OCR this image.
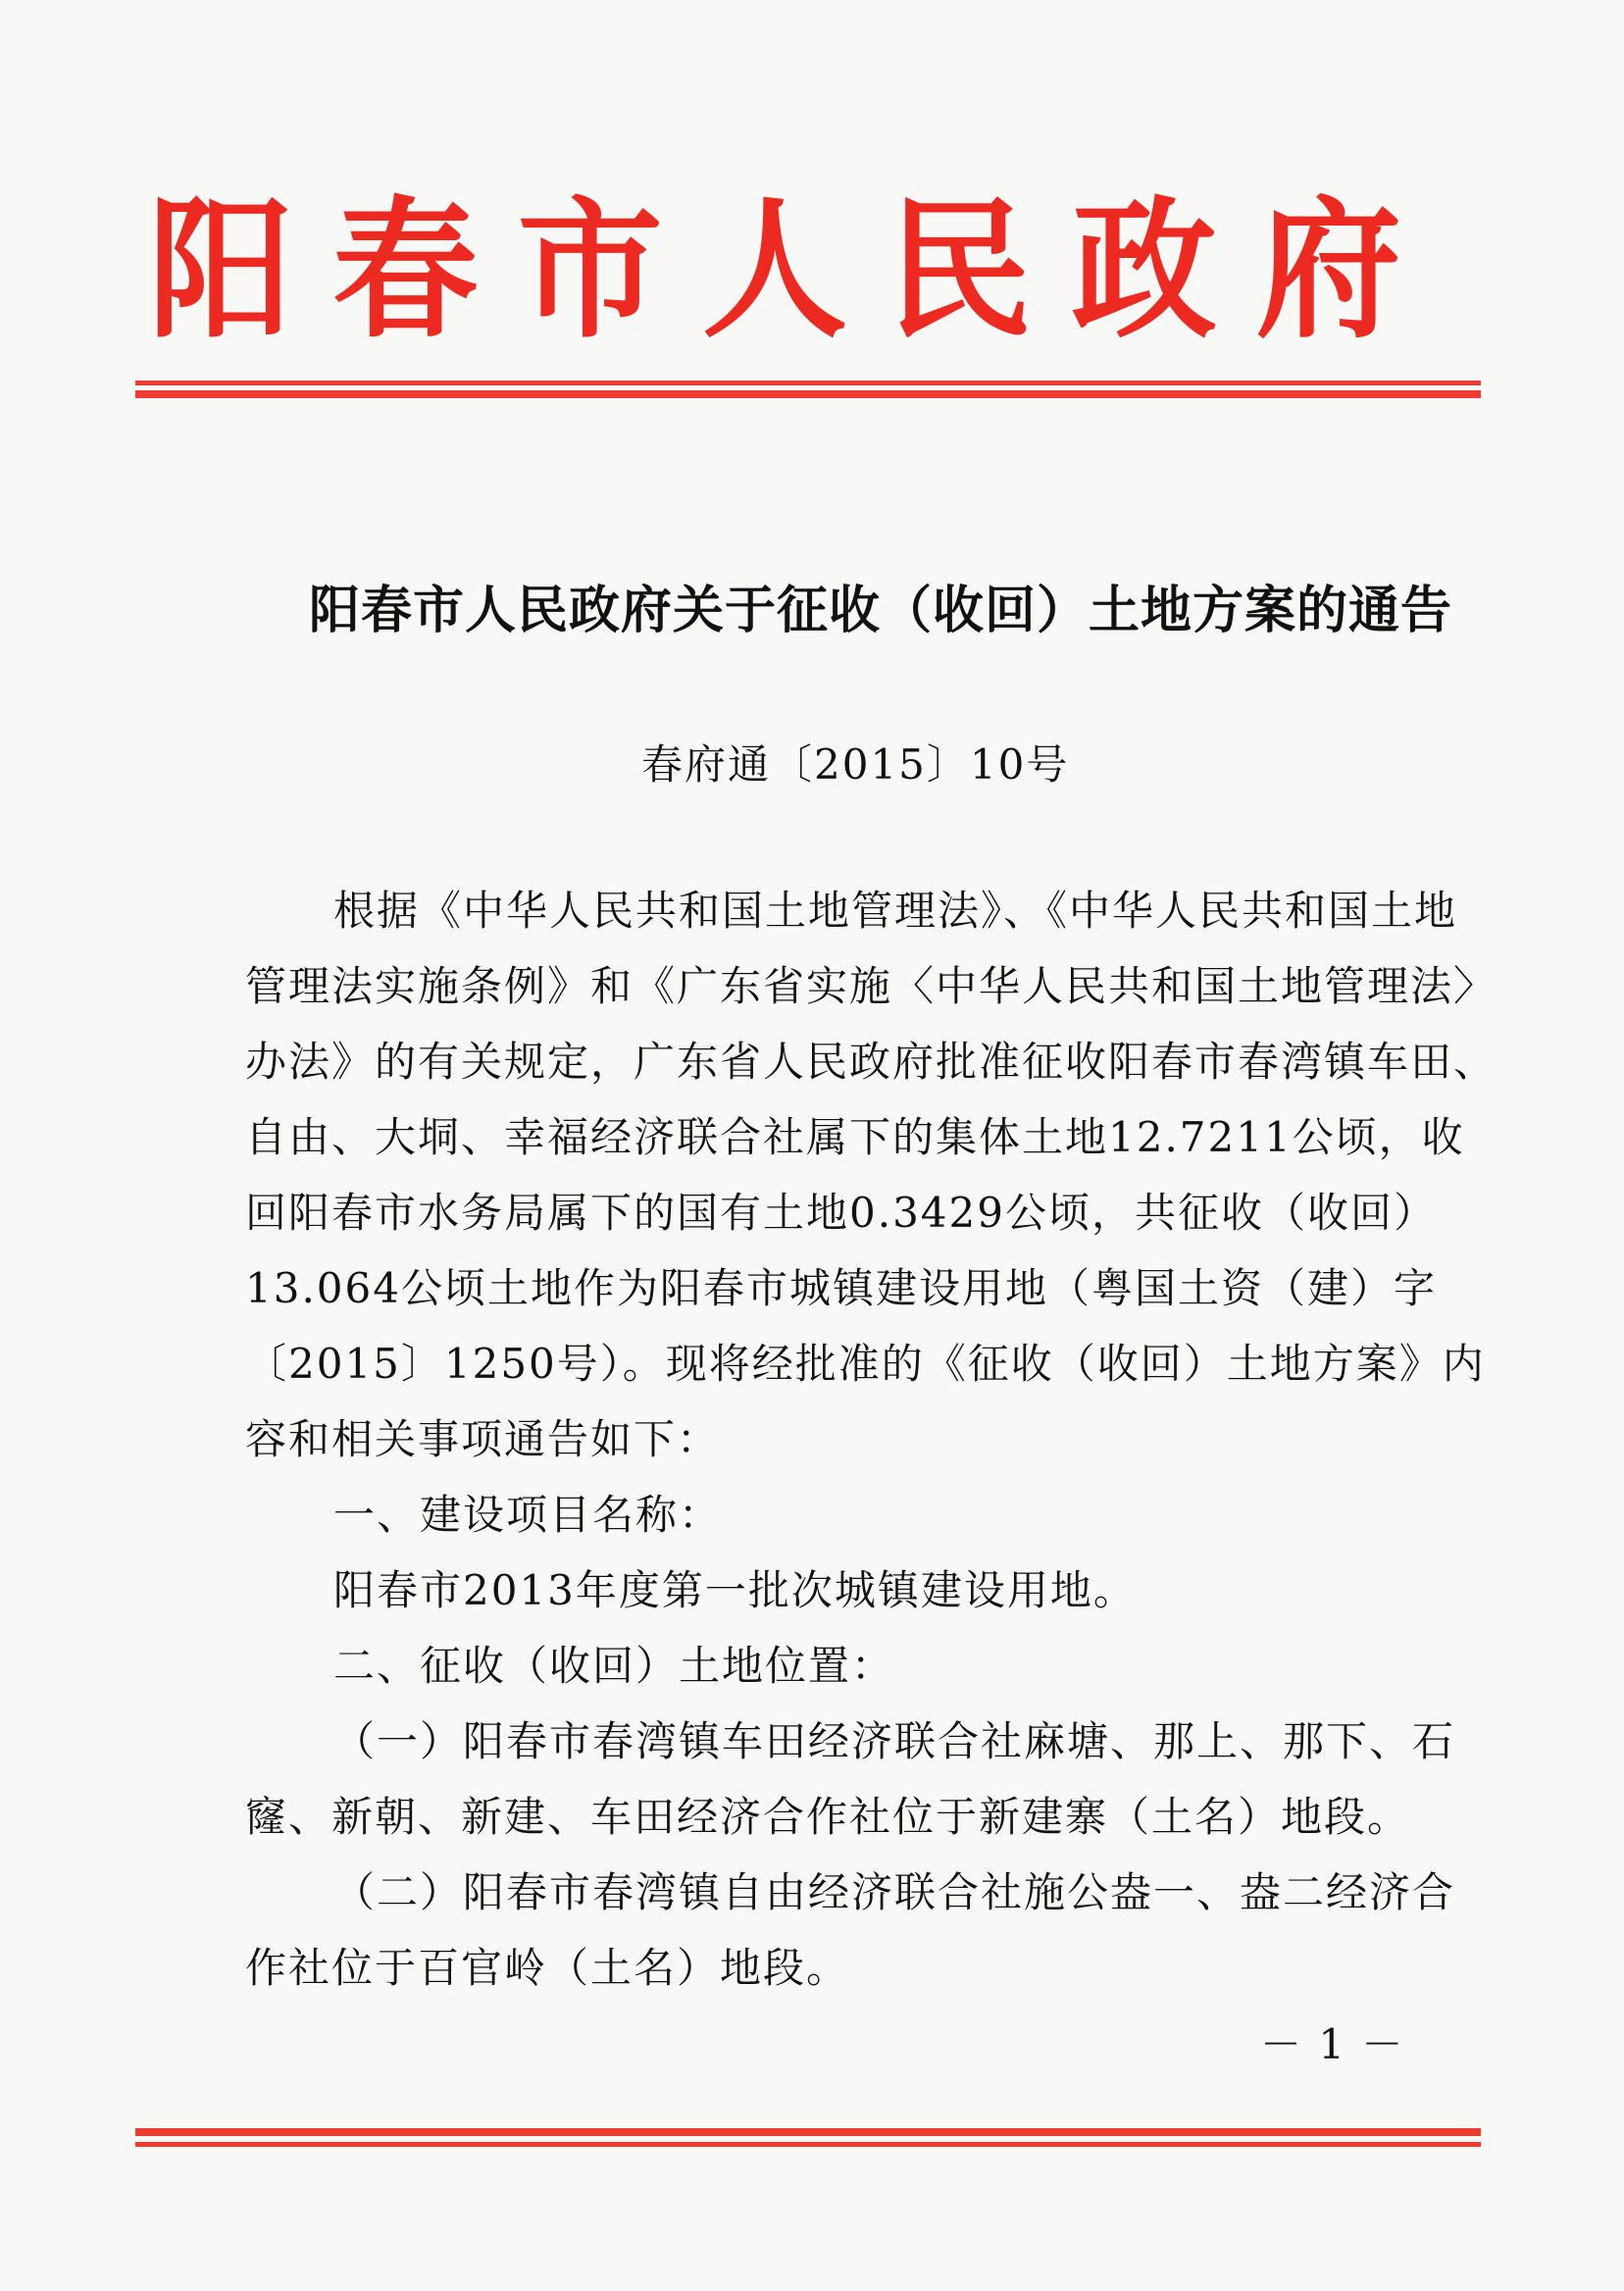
阳 春 市 人 民 政 府
阳春市人民政府关于征收（收回）土地方案的通告
春府通〔2015〕10号
根据《中华人民共和国土地管理法》、《中华人民共和国土地
管理法实施条例》和《广东省实施〈中华人民共和国土地管理法〉
办法》的有关规定，广东省人民政府批准征收阳春市春湾镇车田、
自由、大垌、幸福经济联合社属下的集体土地12.7211公顷，收
回阳春市水务局属下的国有土地0.3429公顷，共征收（收回）
13.064公顷土地作为阳春市城镇建设用地（粤国土资（建）字
〔2015〕1250号）。现将经批准的《征收（收回）土地方案》内
容和相关事项通告如下：
一、建设项目名称：
阳春市2013年度第一批次城镇建设用地。
二、征收（收回）土地位置：
（一）阳春市春湾镇车田经济联合社麻塘、那上、那下、石
窿、新朝、新建、车田经济合作社位于新建寨（土名）地段。
（二）阳春市春湾镇自由经济联合社施公盎一、盎二经济合
作社位于百官岭（土名）地段。
－ 1 －
